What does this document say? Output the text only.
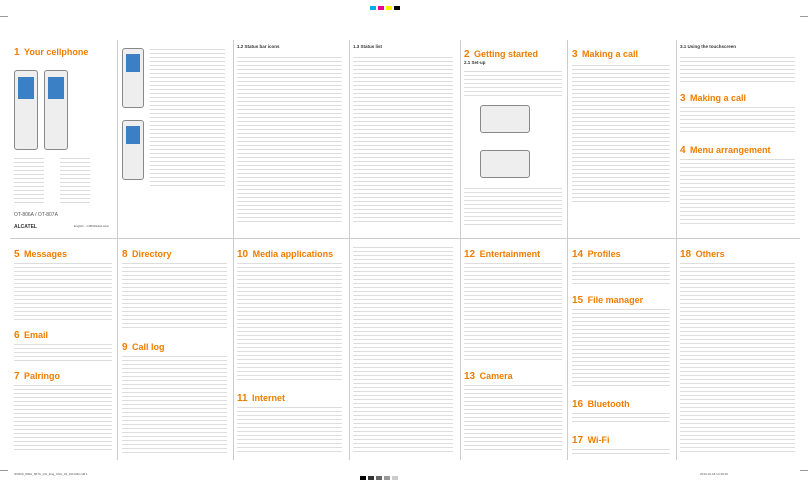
1 Your cellphone
OT-806A / OT-807A
ALCATEL	English - CJB31E4ALAAA
1.2 Status bar icons	1.3 Status list
2 Getting started
2.1 Set-up
3 Making a call
3.1 Using the touchscreen
3 Making a call
4 Menu arrangement
5 Messages
6 Email
7 Palringo
8 Directory
9 Call log
10 Media applications
11 Internet
12 Entertainment
13 Camera
14 Profiles
15 File manager
16 Bluetooth
17 Wi-Fi
18 Others
IP3209_806A_807A_QG_Eng_USA_03_101018.indd 1	2010-10-18 14:39:40
